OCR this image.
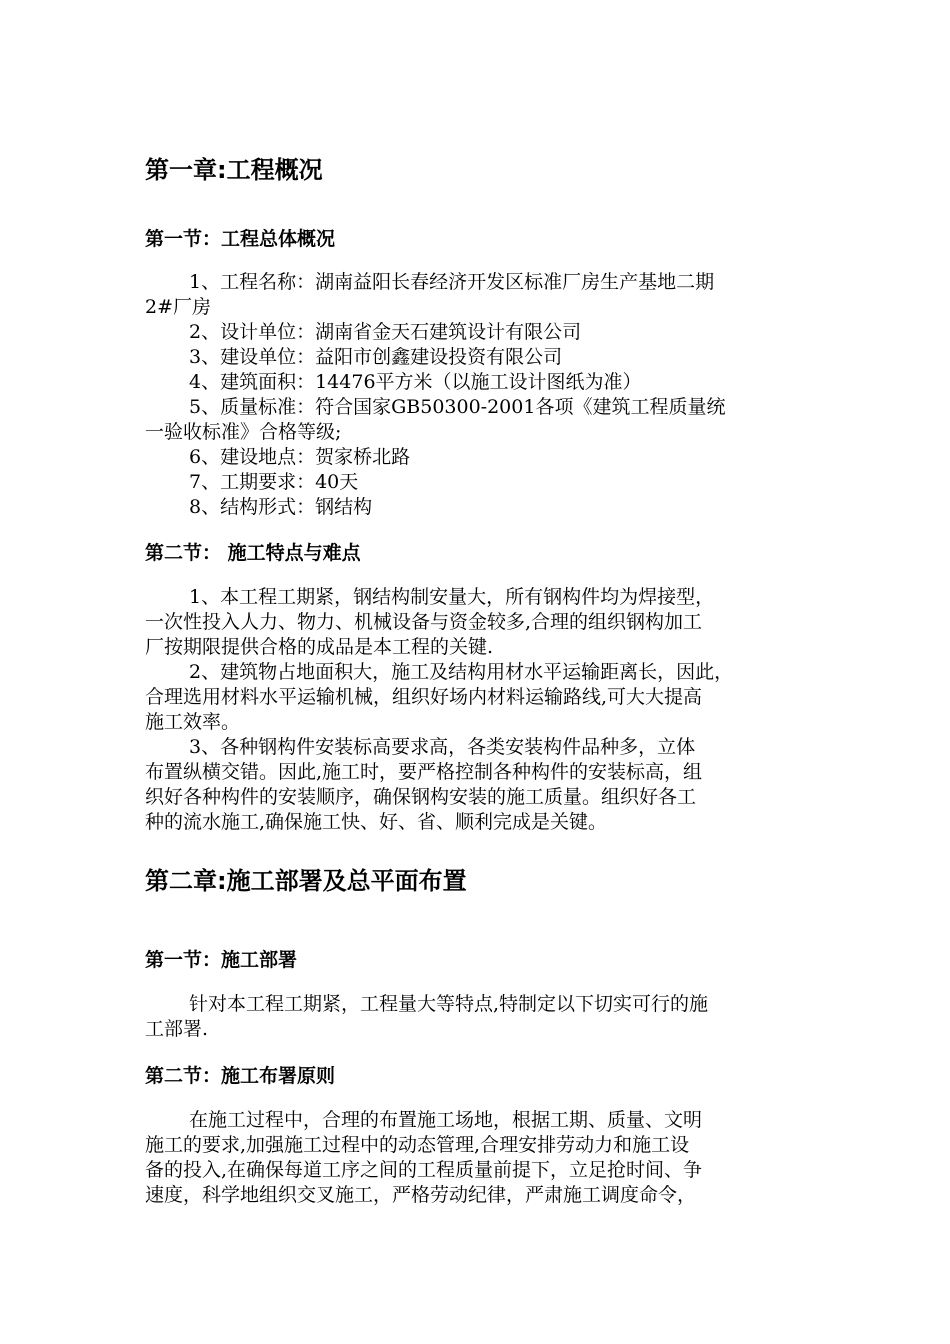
第一章:工程概况
第一节：工程总体概况
1、工程名称：湖南益阳长春经济开发区标准厂房生产基地二期
2#厂房
2、设计单位：湖南省金天石建筑设计有限公司
3、建设单位：益阳市创鑫建设投资有限公司
4、建筑面积：14476平方米（以施工设计图纸为准）
5、质量标准：符合国家GB50300-2001各项《建筑工程质量统
一验收标准》合格等级;
6、建设地点：贺家桥北路
7、工期要求：40天
8、结构形式：钢结构
第二节： 施工特点与难点
1、本工程工期紧，钢结构制安量大，所有钢构件均为焊接型，
一次性投入人力、物力、机械设备与资金较多,合理的组织钢构加工
厂按期限提供合格的成品是本工程的关键.
2、建筑物占地面积大，施工及结构用材水平运输距离长，因此，
合理选用材料水平运输机械，组织好场内材料运输路线,可大大提高
施工效率。
3、各种钢构件安装标高要求高，各类安装构件品种多，立体
布置纵横交错。因此,施工时，要严格控制各种构件的安装标高，组
织好各种构件的安装顺序，确保钢构安装的施工质量。组织好各工
种的流水施工,确保施工快、好、省、顺利完成是关键。
第二章:施工部署及总平面布置
第一节：施工部署
针对本工程工期紧，工程量大等特点,特制定以下切实可行的施
工部署.
第二节：施工布署原则
在施工过程中，合理的布置施工场地，根据工期、质量、文明
施工的要求,加强施工过程中的动态管理,合理安排劳动力和施工设
备的投入,在确保每道工序之间的工程质量前提下，立足抢时间、争
速度，科学地组织交叉施工，严格劳动纪律，严肃施工调度命令，
